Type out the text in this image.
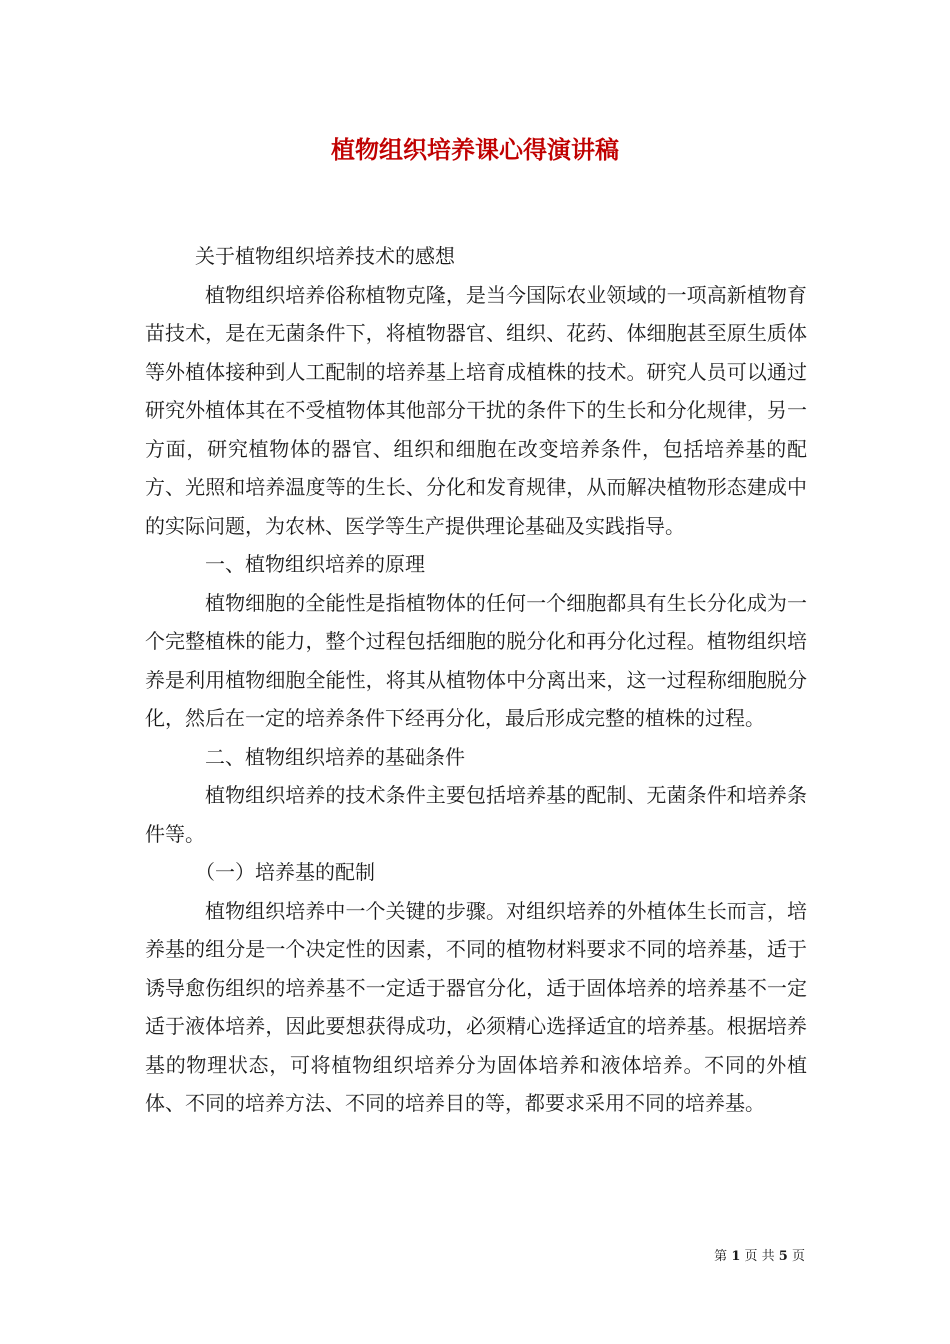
植物组织培养课心得演讲稿

关于植物组织培养技术的感想

植物组织培养俗称植物克隆，是当今国际农业领域的一项高新植物育苗技术，是在无菌条件下，将植物器官、组织、花药、体细胞甚至原生质体等外植体接种到人工配制的培养基上培育成植株的技术。研究人员可以通过研究外植体其在不受植物体其他部分干扰的条件下的生长和分化规律，另一方面，研究植物体的器官、组织和细胞在改变培养条件，包括培养基的配方、光照和培养温度等的生长、分化和发育规律，从而解决植物形态建成中的实际问题，为农林、医学等生产提供理论基础及实践指导。

一、植物组织培养的原理

植物细胞的全能性是指植物体的任何一个细胞都具有生长分化成为一个完整植株的能力，整个过程包括细胞的脱分化和再分化过程。植物组织培养是利用植物细胞全能性，将其从植物体中分离出来，这一过程称细胞脱分化，然后在一定的培养条件下经再分化，最后形成完整的植株的过程。

二、植物组织培养的基础条件

植物组织培养的技术条件主要包括培养基的配制、无菌条件和培养条件等。

（一）培养基的配制

植物组织培养中一个关键的步骤。对组织培养的外植体生长而言，培养基的组分是一个决定性的因素，不同的植物材料要求不同的培养基，适于诱导愈伤组织的培养基不一定适于器官分化，适于固体培养的培养基不一定适于液体培养，因此要想获得成功，必须精心选择适宜的培养基。根据培养基的物理状态，可将植物组织培养分为固体培养和液体培养。不同的外植体、不同的培养方法、不同的培养目的等，都要求采用不同的培养基。

第 1 页 共 5 页
